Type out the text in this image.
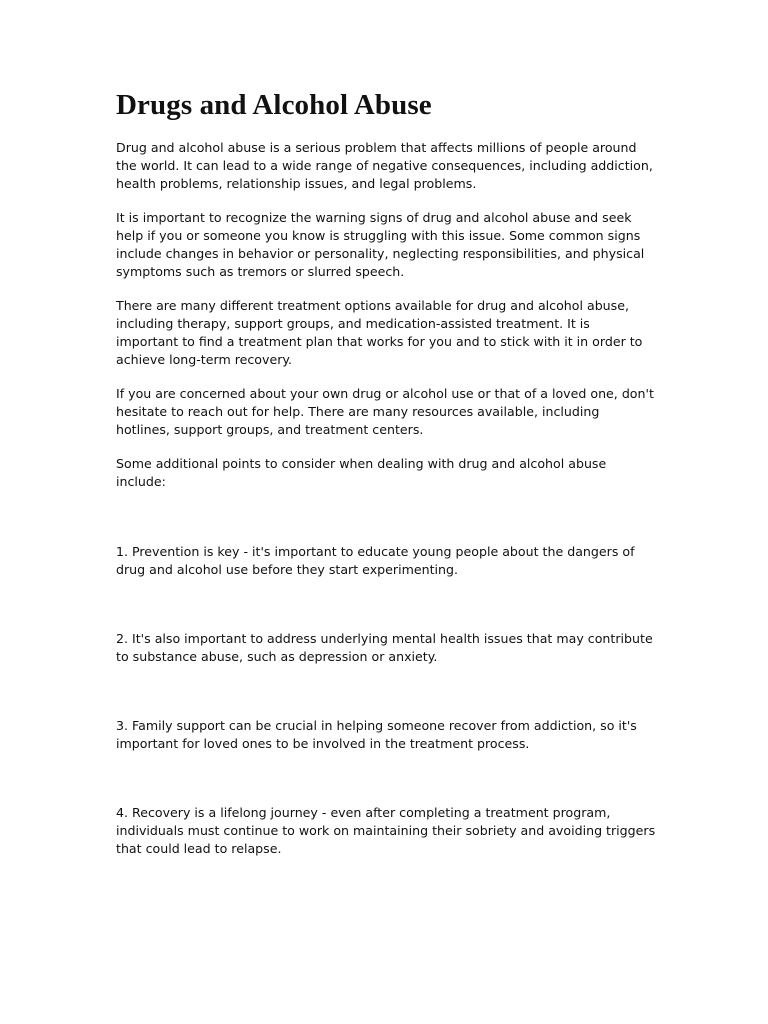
Drugs and Alcohol Abuse

Drug and alcohol abuse is a serious problem that affects millions of people around the world. It can lead to a wide range of negative consequences, including addiction, health problems, relationship issues, and legal problems.

It is important to recognize the warning signs of drug and alcohol abuse and seek help if you or someone you know is struggling with this issue. Some common signs include changes in behavior or personality, neglecting responsibilities, and physical symptoms such as tremors or slurred speech.

There are many different treatment options available for drug and alcohol abuse, including therapy, support groups, and medication-assisted treatment. It is important to find a treatment plan that works for you and to stick with it in order to achieve long-term recovery.

If you are concerned about your own drug or alcohol use or that of a loved one, don't hesitate to reach out for help. There are many resources available, including hotlines, support groups, and treatment centers.

Some additional points to consider when dealing with drug and alcohol abuse include:

1. Prevention is key - it's important to educate young people about the dangers of drug and alcohol use before they start experimenting.

2. It's also important to address underlying mental health issues that may contribute to substance abuse, such as depression or anxiety.

3. Family support can be crucial in helping someone recover from addiction, so it's important for loved ones to be involved in the treatment process.

4. Recovery is a lifelong journey - even after completing a treatment program, individuals must continue to work on maintaining their sobriety and avoiding triggers that could lead to relapse.
